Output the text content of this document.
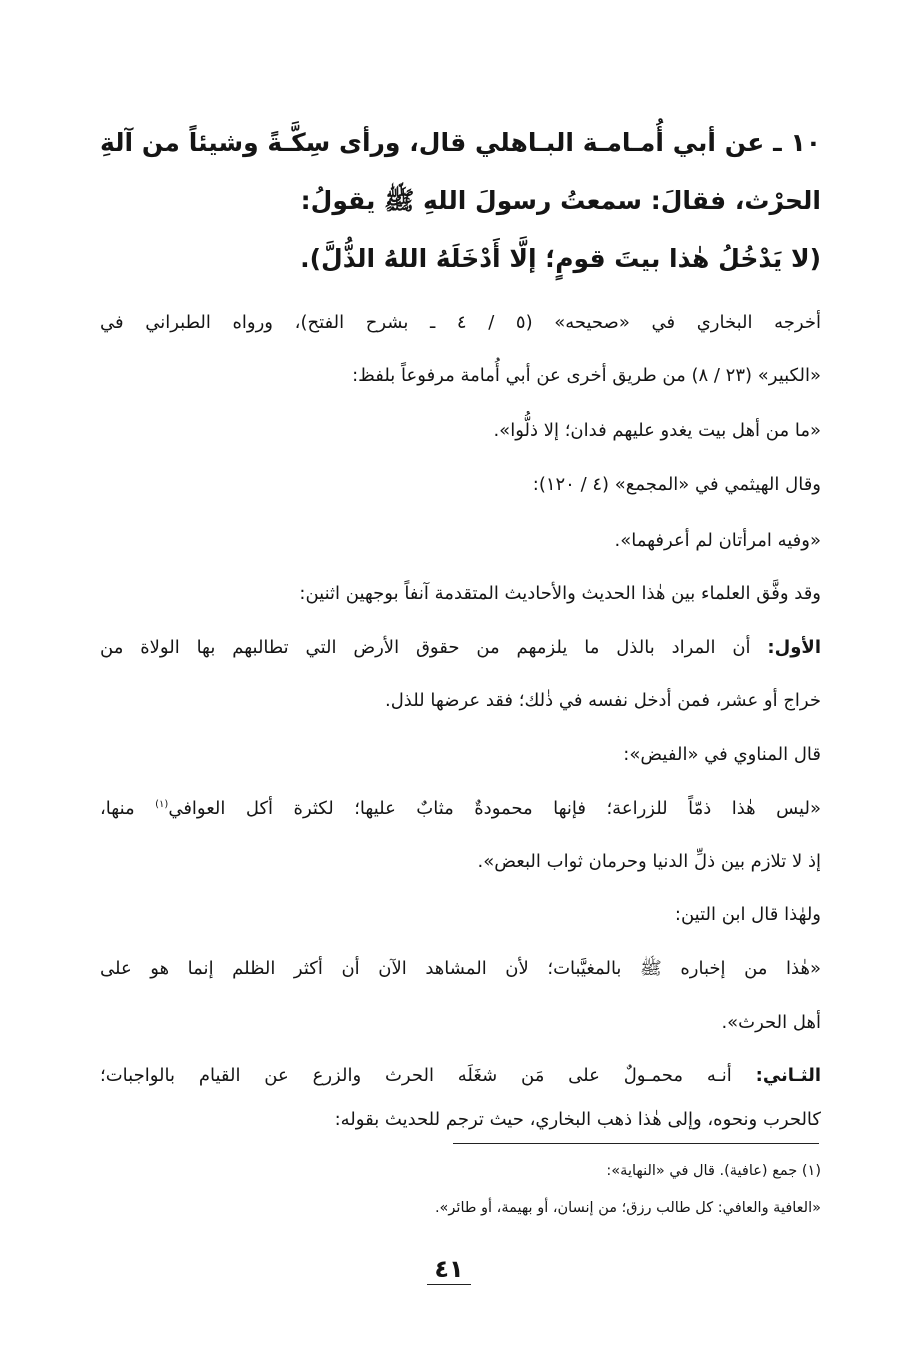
١٠ ـ عن أبي أُمـامـة البـاهلي قال، ورأى سِكَّـةً وشيئاً من آلةِ
الحرْث، فقالَ: سمعتُ رسولَ اللهِ ﷺ يقولُ:
(لا يَدْخُلُ هٰذا بيتَ قومٍ؛ إلَّا أَدْخَلَهُ اللهُ الذُّلَّ).
أخرجه البخاري في «صحيحه» (٥ / ٤ ـ بشرح الفتح)، ورواه الطبراني في
«الكبير» (٢٣ / ٨) من طريق أخرى عن أبي أُمامة مرفوعاً بلفظ:
«ما من أهل بيت يغدو عليهم فدان؛ إلا ذلُّوا».
وقال الهيثمي في «المجمع» (٤ / ١٢٠):
«وفيه امرأتان لم أعرفهما».
وقد وفَّق العلماء بين هٰذا الحديث والأحاديث المتقدمة آنفاً بوجهين اثنين:
الأول: أن المراد بالذل ما يلزمهم من حقوق الأرض التي تطالبهم بها الولاة من
خراج أو عشر، فمن أدخل نفسه في ذٰلك؛ فقد عرضها للذل.
قال المناوي في «الفيض»:
«ليس هٰذا ذمّاً للزراعة؛ فإنها محمودةٌ مثابٌ عليها؛ لكثرة أكل العوافي$^{(١)}$ منها،
إذ لا تلازم بين ذلِّ الدنيا وحرمان ثواب البعض».
ولهٰذا قال ابن التين:
«هٰذا من إخباره ﷺ بالمغيَّبات؛ لأن المشاهد الآن أن أكثر الظلم إنما هو على
أهل الحرث».
الثـاني: أنـه محمـولٌ على مَن شغَلَه الحرث والزرع عن القيام بالواجبات؛
كالحرب ونحوه، وإلى هٰذا ذهب البخاري، حيث ترجم للحديث بقوله:
(١) جمع (عافية). قال في «النهاية»:
«العافية والعافي: كل طالب رزق؛ من إنسان، أو بهيمة، أو طائر».
٤١
